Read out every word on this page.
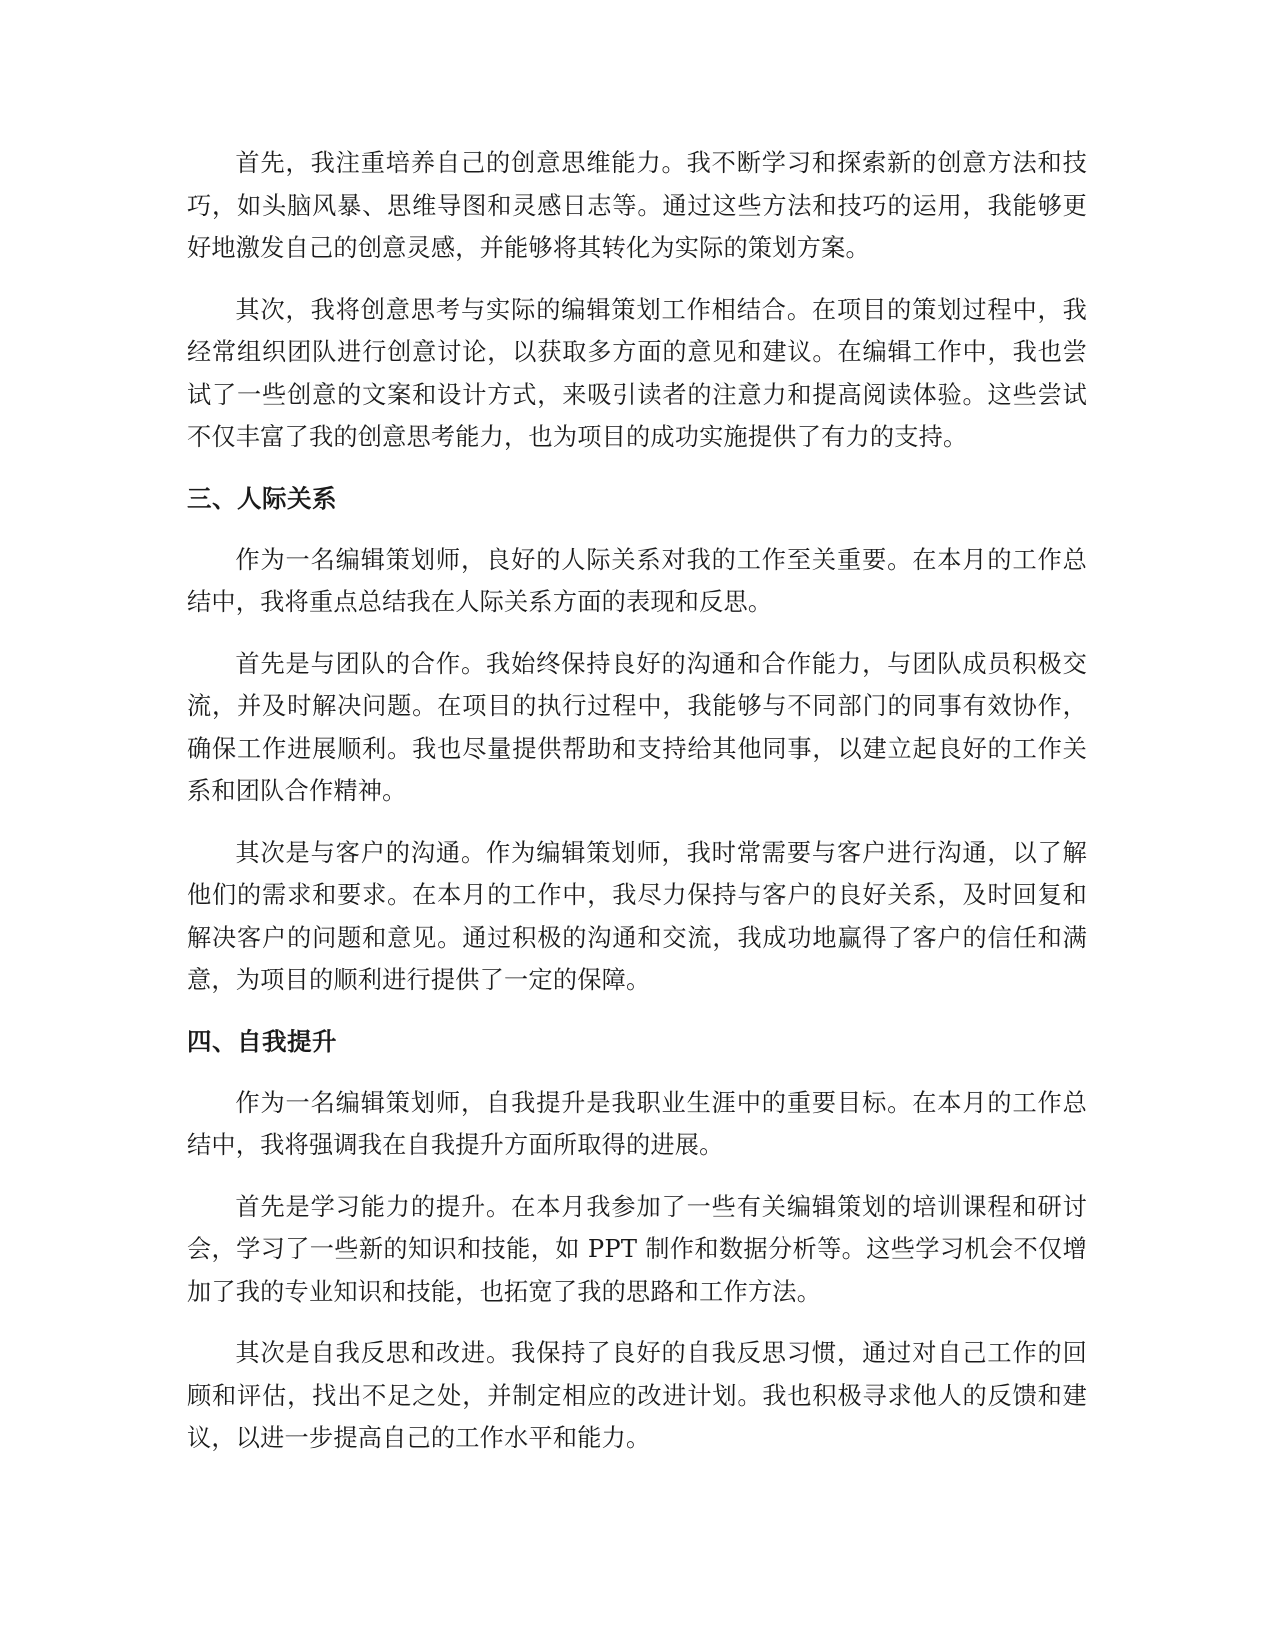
首先，我注重培养自己的创意思维能力。我不断学习和探索新的创意方法和技巧，如头脑风暴、思维导图和灵感日志等。通过这些方法和技巧的运用，我能够更好地激发自己的创意灵感，并能够将其转化为实际的策划方案。

其次，我将创意思考与实际的编辑策划工作相结合。在项目的策划过程中，我经常组织团队进行创意讨论，以获取多方面的意见和建议。在编辑工作中，我也尝试了一些创意的文案和设计方式，来吸引读者的注意力和提高阅读体验。这些尝试不仅丰富了我的创意思考能力，也为项目的成功实施提供了有力的支持。

三、人际关系

作为一名编辑策划师，良好的人际关系对我的工作至关重要。在本月的工作总结中，我将重点总结我在人际关系方面的表现和反思。

首先是与团队的合作。我始终保持良好的沟通和合作能力，与团队成员积极交流，并及时解决问题。在项目的执行过程中，我能够与不同部门的同事有效协作，确保工作进展顺利。我也尽量提供帮助和支持给其他同事，以建立起良好的工作关系和团队合作精神。

其次是与客户的沟通。作为编辑策划师，我时常需要与客户进行沟通，以了解他们的需求和要求。在本月的工作中，我尽力保持与客户的良好关系，及时回复和解决客户的问题和意见。通过积极的沟通和交流，我成功地赢得了客户的信任和满意，为项目的顺利进行提供了一定的保障。

四、自我提升

作为一名编辑策划师，自我提升是我职业生涯中的重要目标。在本月的工作总结中，我将强调我在自我提升方面所取得的进展。

首先是学习能力的提升。在本月我参加了一些有关编辑策划的培训课程和研讨会，学习了一些新的知识和技能，如 PPT 制作和数据分析等。这些学习机会不仅增加了我的专业知识和技能，也拓宽了我的思路和工作方法。

其次是自我反思和改进。我保持了良好的自我反思习惯，通过对自己工作的回顾和评估，找出不足之处，并制定相应的改进计划。我也积极寻求他人的反馈和建议，以进一步提高自己的工作水平和能力。
